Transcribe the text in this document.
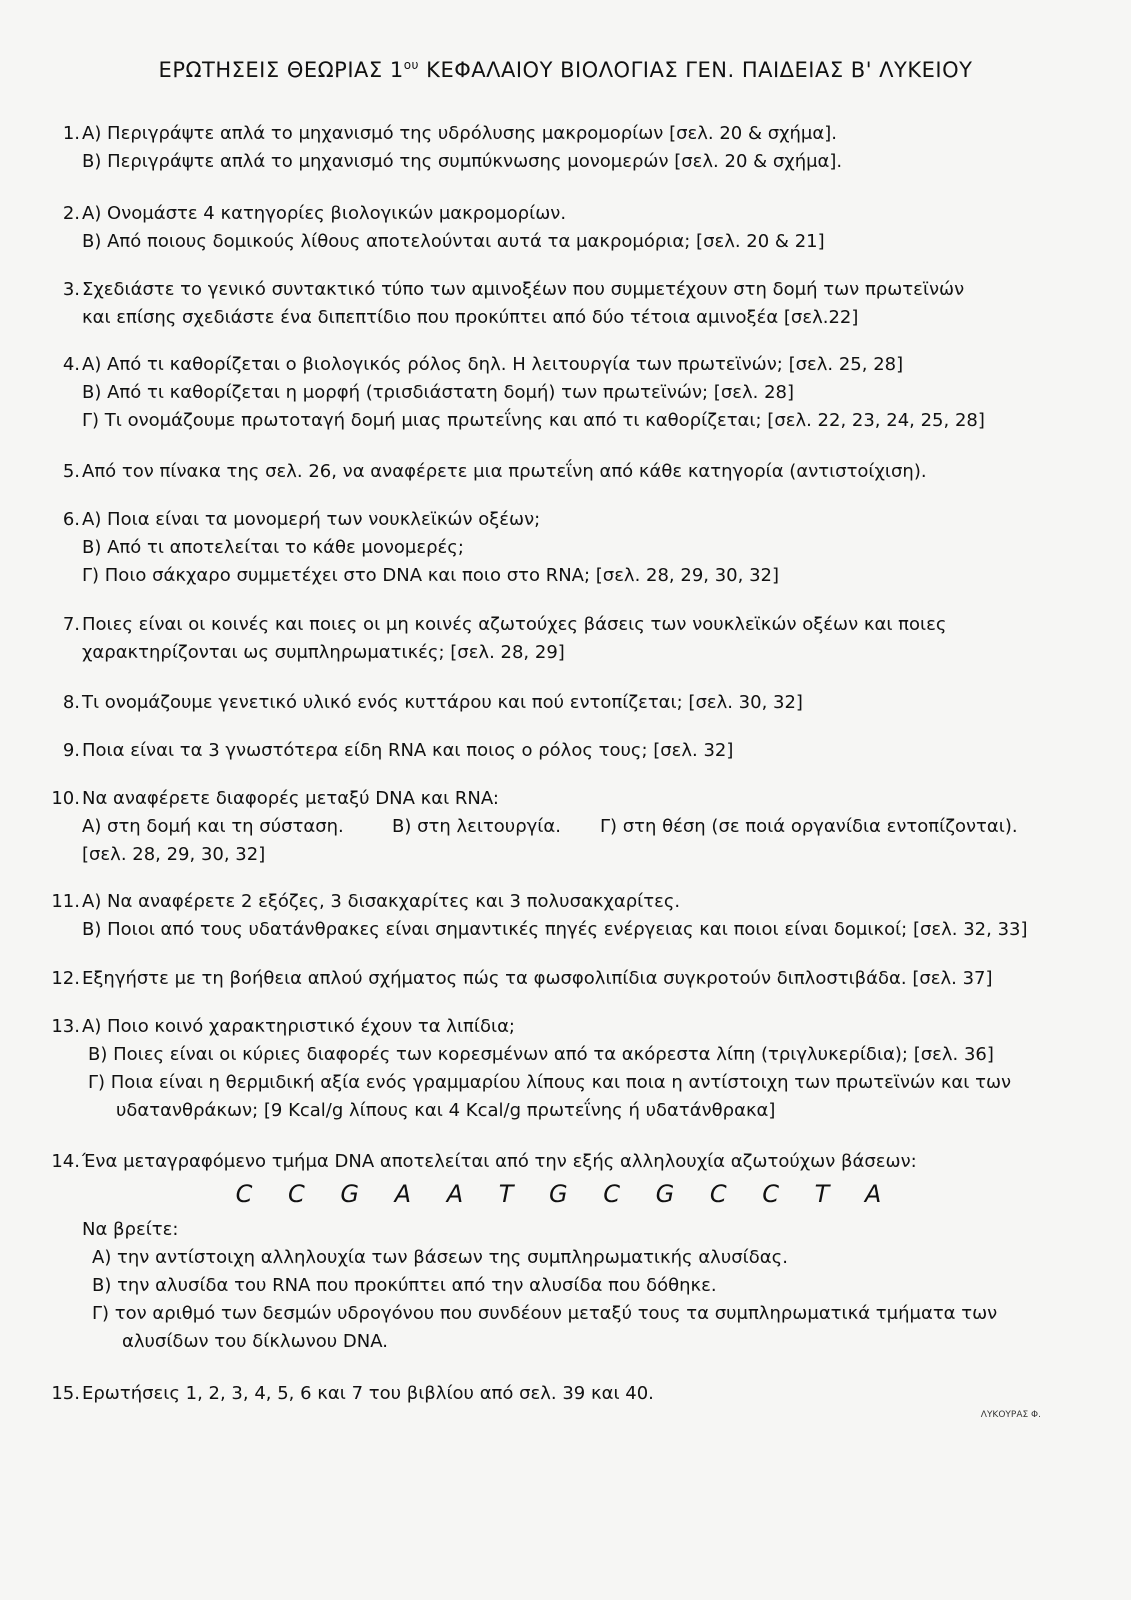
ΕΡΩΤΗΣΕΙΣ ΘΕΩΡΙΑΣ $1^{o\upsilon}$ ΚΕΦΑΛΑΙΟΥ ΒΙΟΛΟΓΙΑΣ ΓΕΝ. ΠΑΙΔΕΙΑΣ Β' ΛΥΚΕΙΟΥ
1. Α) Περιγράψτε απλά το μηχανισμό της υδρόλυσης μακρομορίων [σελ. 20 & σχήμα].
Β) Περιγράψτε απλά το μηχανισμό της συμπύκνωσης μονομερών [σελ. 20 & σχήμα].
2. Α) Ονομάστε 4 κατηγορίες βιολογικών μακρομορίων.
Β) Από ποιους δομικούς λίθους αποτελούνται αυτά τα μακρομόρια; [σελ. 20 & 21]
3. Σχεδιάστε το γενικό συντακτικό τύπο των αμινοξέων που συμμετέχουν στη δομή των πρωτεϊνών
και επίσης σχεδιάστε ένα διπεπτίδιο που προκύπτει από δύο τέτοια αμινοξέα [σελ.22]
4. Α) Από τι καθορίζεται ο βιολογικός ρόλος δηλ. Η λειτουργία των πρωτεϊνών; [σελ. 25, 28]
Β) Από τι καθορίζεται η μορφή (τρισδιάστατη δομή) των πρωτεϊνών; [σελ. 28]
Γ) Τι ονομάζουμε πρωτοταγή δομή μιας πρωτεΐνης και από τι καθορίζεται; [σελ. 22, 23, 24, 25, 28]
5. Από τον πίνακα της σελ. 26, να αναφέρετε μια πρωτεΐνη από κάθε κατηγορία (αντιστοίχιση).
6. Α) Ποια είναι τα μονομερή των νουκλεϊκών οξέων;
Β) Από τι αποτελείται το κάθε μονομερές;
Γ) Ποιο σάκχαρο συμμετέχει στο DNA και ποιο στο RNA; [σελ. 28, 29, 30, 32]
7. Ποιες είναι οι κοινές και ποιες οι μη κοινές αζωτούχες βάσεις των νουκλεϊκών οξέων και ποιες
χαρακτηρίζονται ως συμπληρωματικές; [σελ. 28, 29]
8. Τι ονομάζουμε γενετικό υλικό ενός κυττάρου και πού εντοπίζεται; [σελ. 30, 32]
9. Ποια είναι τα 3 γνωστότερα είδη RNA και ποιος ο ρόλος τους; [σελ. 32]
10. Να αναφέρετε διαφορές μεταξύ DNA και RNA:
Α) στη δομή και τη σύσταση.	Β) στη λειτουργία. Γ) στη θέση (σε ποιά οργανίδια εντοπίζονται).
[σελ. 28, 29, 30, 32]
11. Α) Να αναφέρετε 2 εξόζες, 3 δισακχαρίτες και 3 πολυσακχαρίτες.
Β) Ποιοι από τους υδατάνθρακες είναι σημαντικές πηγές ενέργειας και ποιοι είναι δομικοί; [σελ. 32, 33]
12. Εξηγήστε με τη βοήθεια απλού σχήματος πώς τα φωσφολιπίδια συγκροτούν διπλοστιβάδα. [σελ. 37]
13. Α) Ποιο κοινό χαρακτηριστικό έχουν τα λιπίδια;
Β) Ποιες είναι οι κύριες διαφορές των κορεσμένων από τα ακόρεστα λίπη (τριγλυκερίδια); [σελ. 36]
Γ) Ποια είναι η θερμιδική αξία ενός γραμμαρίου λίπους και ποια η αντίστοιχη των πρωτεϊνών και των
υδατανθράκων; [9 Kcal/g λίπους και 4 Kcal/g πρωτεΐνης ή υδατάνθρακα]
14. Ένα μεταγραφόμενο τμήμα DNA αποτελείται από την εξής αλληλουχία αζωτούχων βάσεων:
C C G A A T G C G C C T A
Να βρείτε:
Α) την αντίστοιχη αλληλουχία των βάσεων της συμπληρωματικής αλυσίδας.
Β) την αλυσίδα του RNA που προκύπτει από την αλυσίδα που δόθηκε.
Γ) τον αριθμό των δεσμών υδρογόνου που συνδέουν μεταξύ τους τα συμπληρωματικά τμήματα των
αλυσίδων του δίκλωνου DNA.
15. Ερωτήσεις 1, 2, 3, 4, 5, 6 και 7 του βιβλίου από σελ. 39 και 40.
ΛΥΚΟΥΡΑΣ Φ.
